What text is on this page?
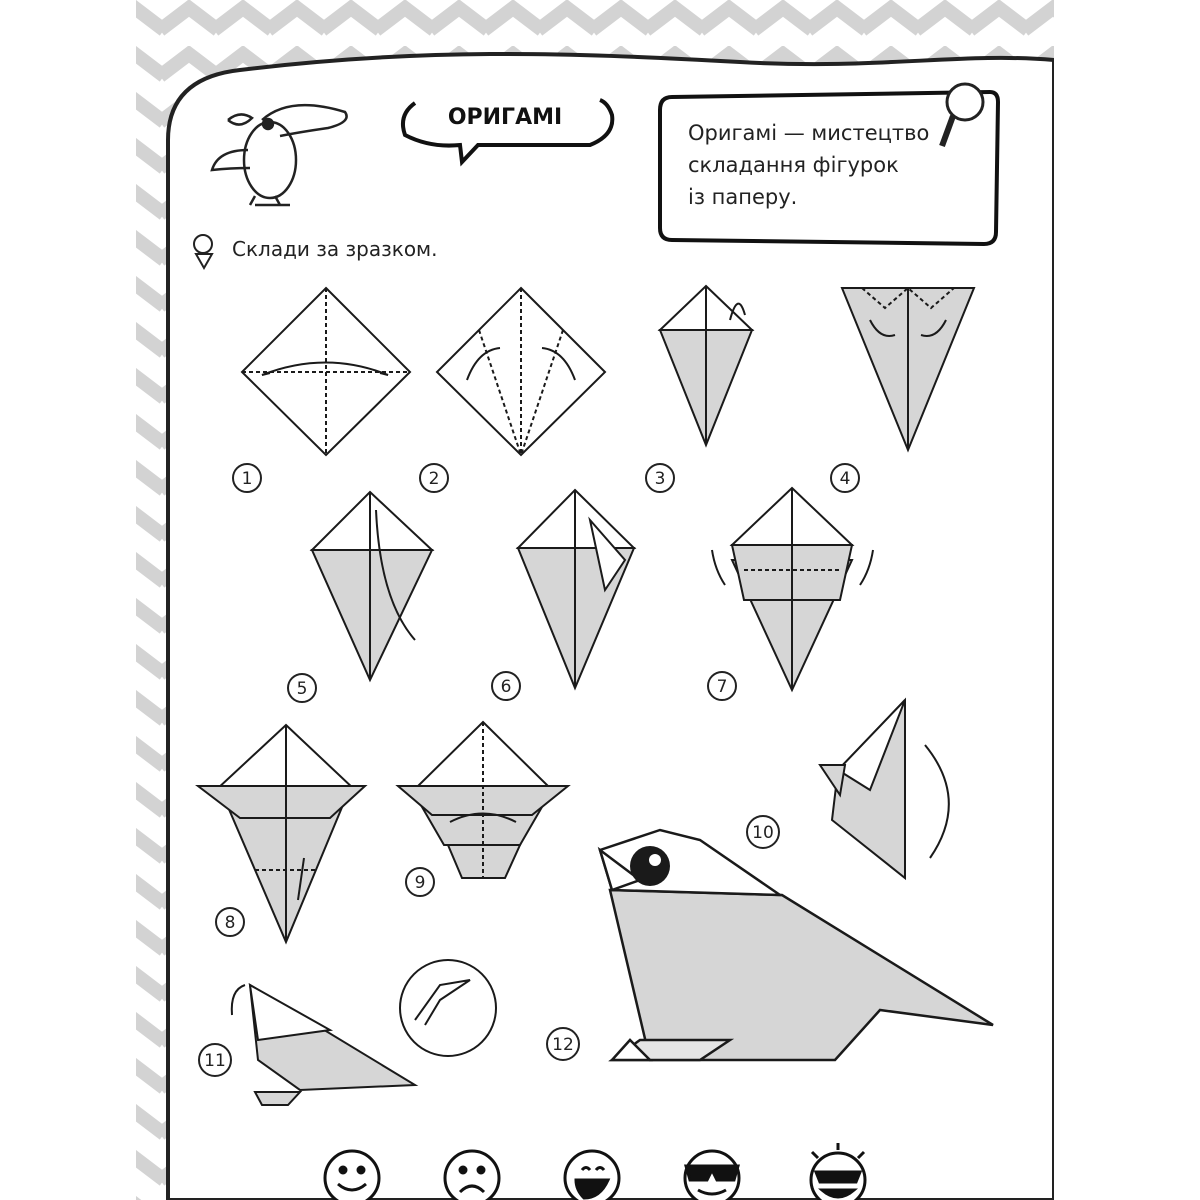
ОРИГАМІ
Оригамі — мистецтво
складання фігурок
із паперу.
Склади за зразком.
1	2	3	4
5	6	7
8
9
10
11
12
